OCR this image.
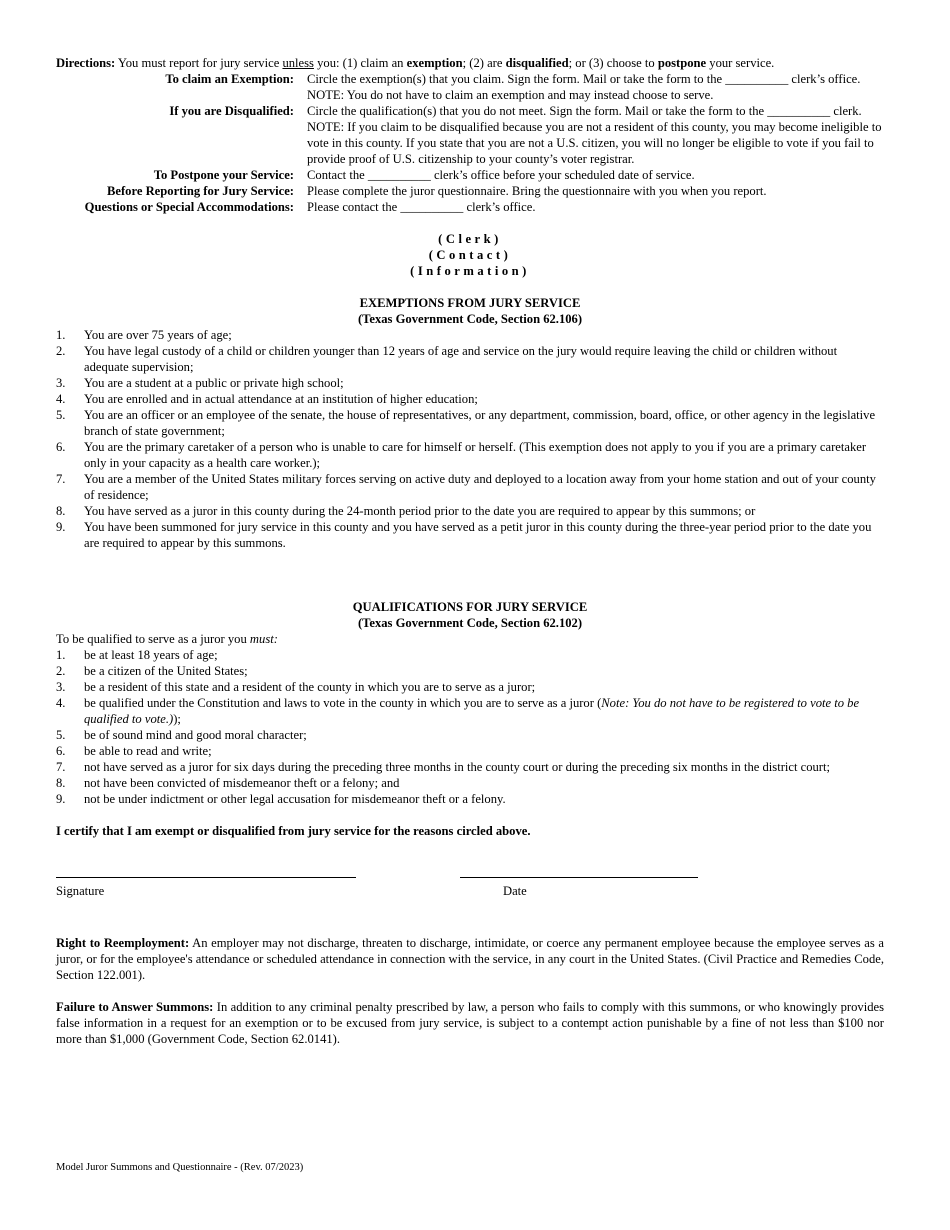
Directions: You must report for jury service unless you: (1) claim an exemption; (2) are disqualified; or (3) choose to postpone your service.

To claim an Exemption:	Circle the exemption(s) that you claim. Sign the form. Mail or take the form to the __________ clerk’s office. NOTE: You do not have to claim an exemption and may instead choose to serve.
If you are Disqualified:	Circle the qualification(s) that you do not meet. Sign the form. Mail or take the form to the __________ clerk. NOTE: If you claim to be disqualified because you are not a resident of this county, you may become ineligible to vote in this county. If you state that you are not a U.S. citizen, you will no longer be eligible to vote if you fail to provide proof of U.S. citizenship to your county’s voter registrar.
To Postpone your Service:	Contact the __________ clerk’s office before your scheduled date of service.
Before Reporting for Jury Service:	Please complete the juror questionnaire. Bring the questionnaire with you when you report.
Questions or Special Accommodations:	Please contact the __________ clerk’s office.
(Clerk)
(Contact)
(Information)
EXEMPTIONS FROM JURY SERVICE
(Texas Government Code, Section 62.106)
1.	You are over 75 years of age;
2.	You have legal custody of a child or children younger than 12 years of age and service on the jury would require leaving the child or children without adequate supervision;
3.	You are a student at a public or private high school;
4.	You are enrolled and in actual attendance at an institution of higher education;
5.	You are an officer or an employee of the senate, the house of representatives, or any department, commission, board, office, or other agency in the legislative branch of state government;
6.	You are the primary caretaker of a person who is unable to care for himself or herself. (This exemption does not apply to you if you are a primary caretaker only in your capacity as a health care worker.);
7.	You are a member of the United States military forces serving on active duty and deployed to a location away from your home station and out of your county of residence;
8.	You have served as a juror in this county during the 24-month period prior to the date you are required to appear by this summons; or
9.	You have been summoned for jury service in this county and you have served as a petit juror in this county during the three-year period prior to the date you are required to appear by this summons.
QUALIFICATIONS FOR JURY SERVICE
(Texas Government Code, Section 62.102)
To be qualified to serve as a juror you must:
1.	be at least 18 years of age;
2.	be a citizen of the United States;
3.	be a resident of this state and a resident of the county in which you are to serve as a juror;
4.	be qualified under the Constitution and laws to vote in the county in which you are to serve as a juror (Note: You do not have to be registered to vote to be qualified to vote.));
5.	be of sound mind and good moral character;
6.	be able to read and write;
7.	not have served as a juror for six days during the preceding three months in the county court or during the preceding six months in the district court;
8.	not have been convicted of misdemeanor theft or a felony; and
9.	not be under indictment or other legal accusation for misdemeanor theft or a felony.

I certify that I am exempt or disqualified from jury service for the reasons circled above.

Signature	Date

Right to Reemployment: An employer may not discharge, threaten to discharge, intimidate, or coerce any permanent employee because the employee serves as a juror, or for the employee's attendance or scheduled attendance in connection with the service, in any court in the United States. (Civil Practice and Remedies Code, Section 122.001).

Failure to Answer Summons: In addition to any criminal penalty prescribed by law, a person who fails to comply with this summons, or who knowingly provides false information in a request for an exemption or to be excused from jury service, is subject to a contempt action punishable by a fine of not less than $100 nor more than $1,000 (Government Code, Section 62.0141).

Model Juror Summons and Questionnaire - (Rev. 07/2023)
